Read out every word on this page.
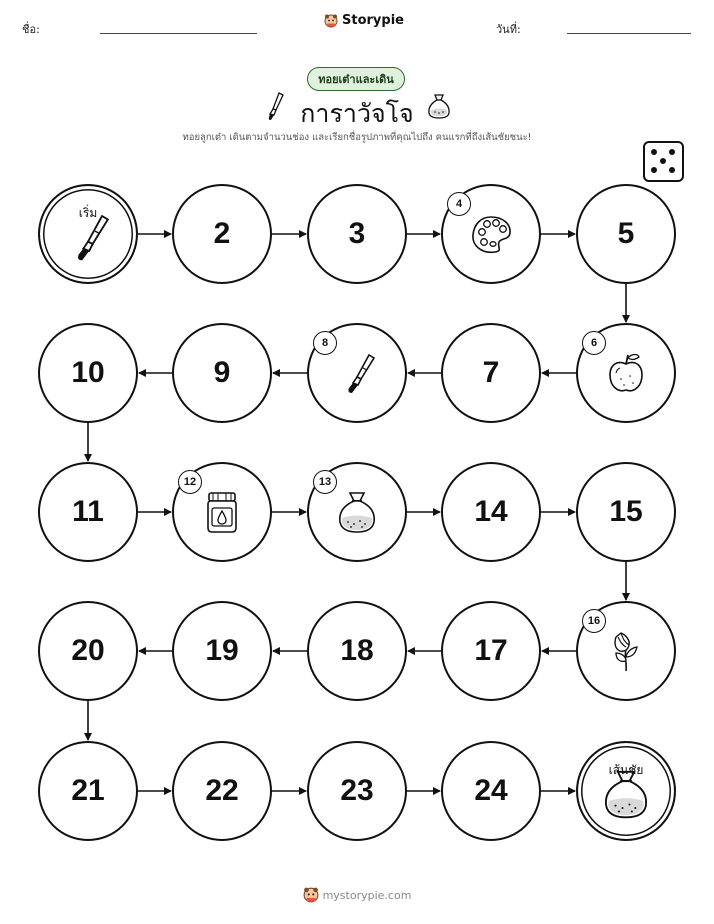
ชื่อ:
Storypie
วันที่:
ทอยเต๋าและเดิน
การาวัจโจ
ทอยลูกเต๋า เดินตามจำนวนช่อง และเรียกชื่อรูปภาพที่คุณไปถึง คนแรกที่ถึงเส้นชัยชนะ!
เริ่ม
2	3
4
5
6
7
8
9
10
11
12	13
14	15
16
17
18
19
20
21	22	23	24
เส้นชัย
mystorypie.com
